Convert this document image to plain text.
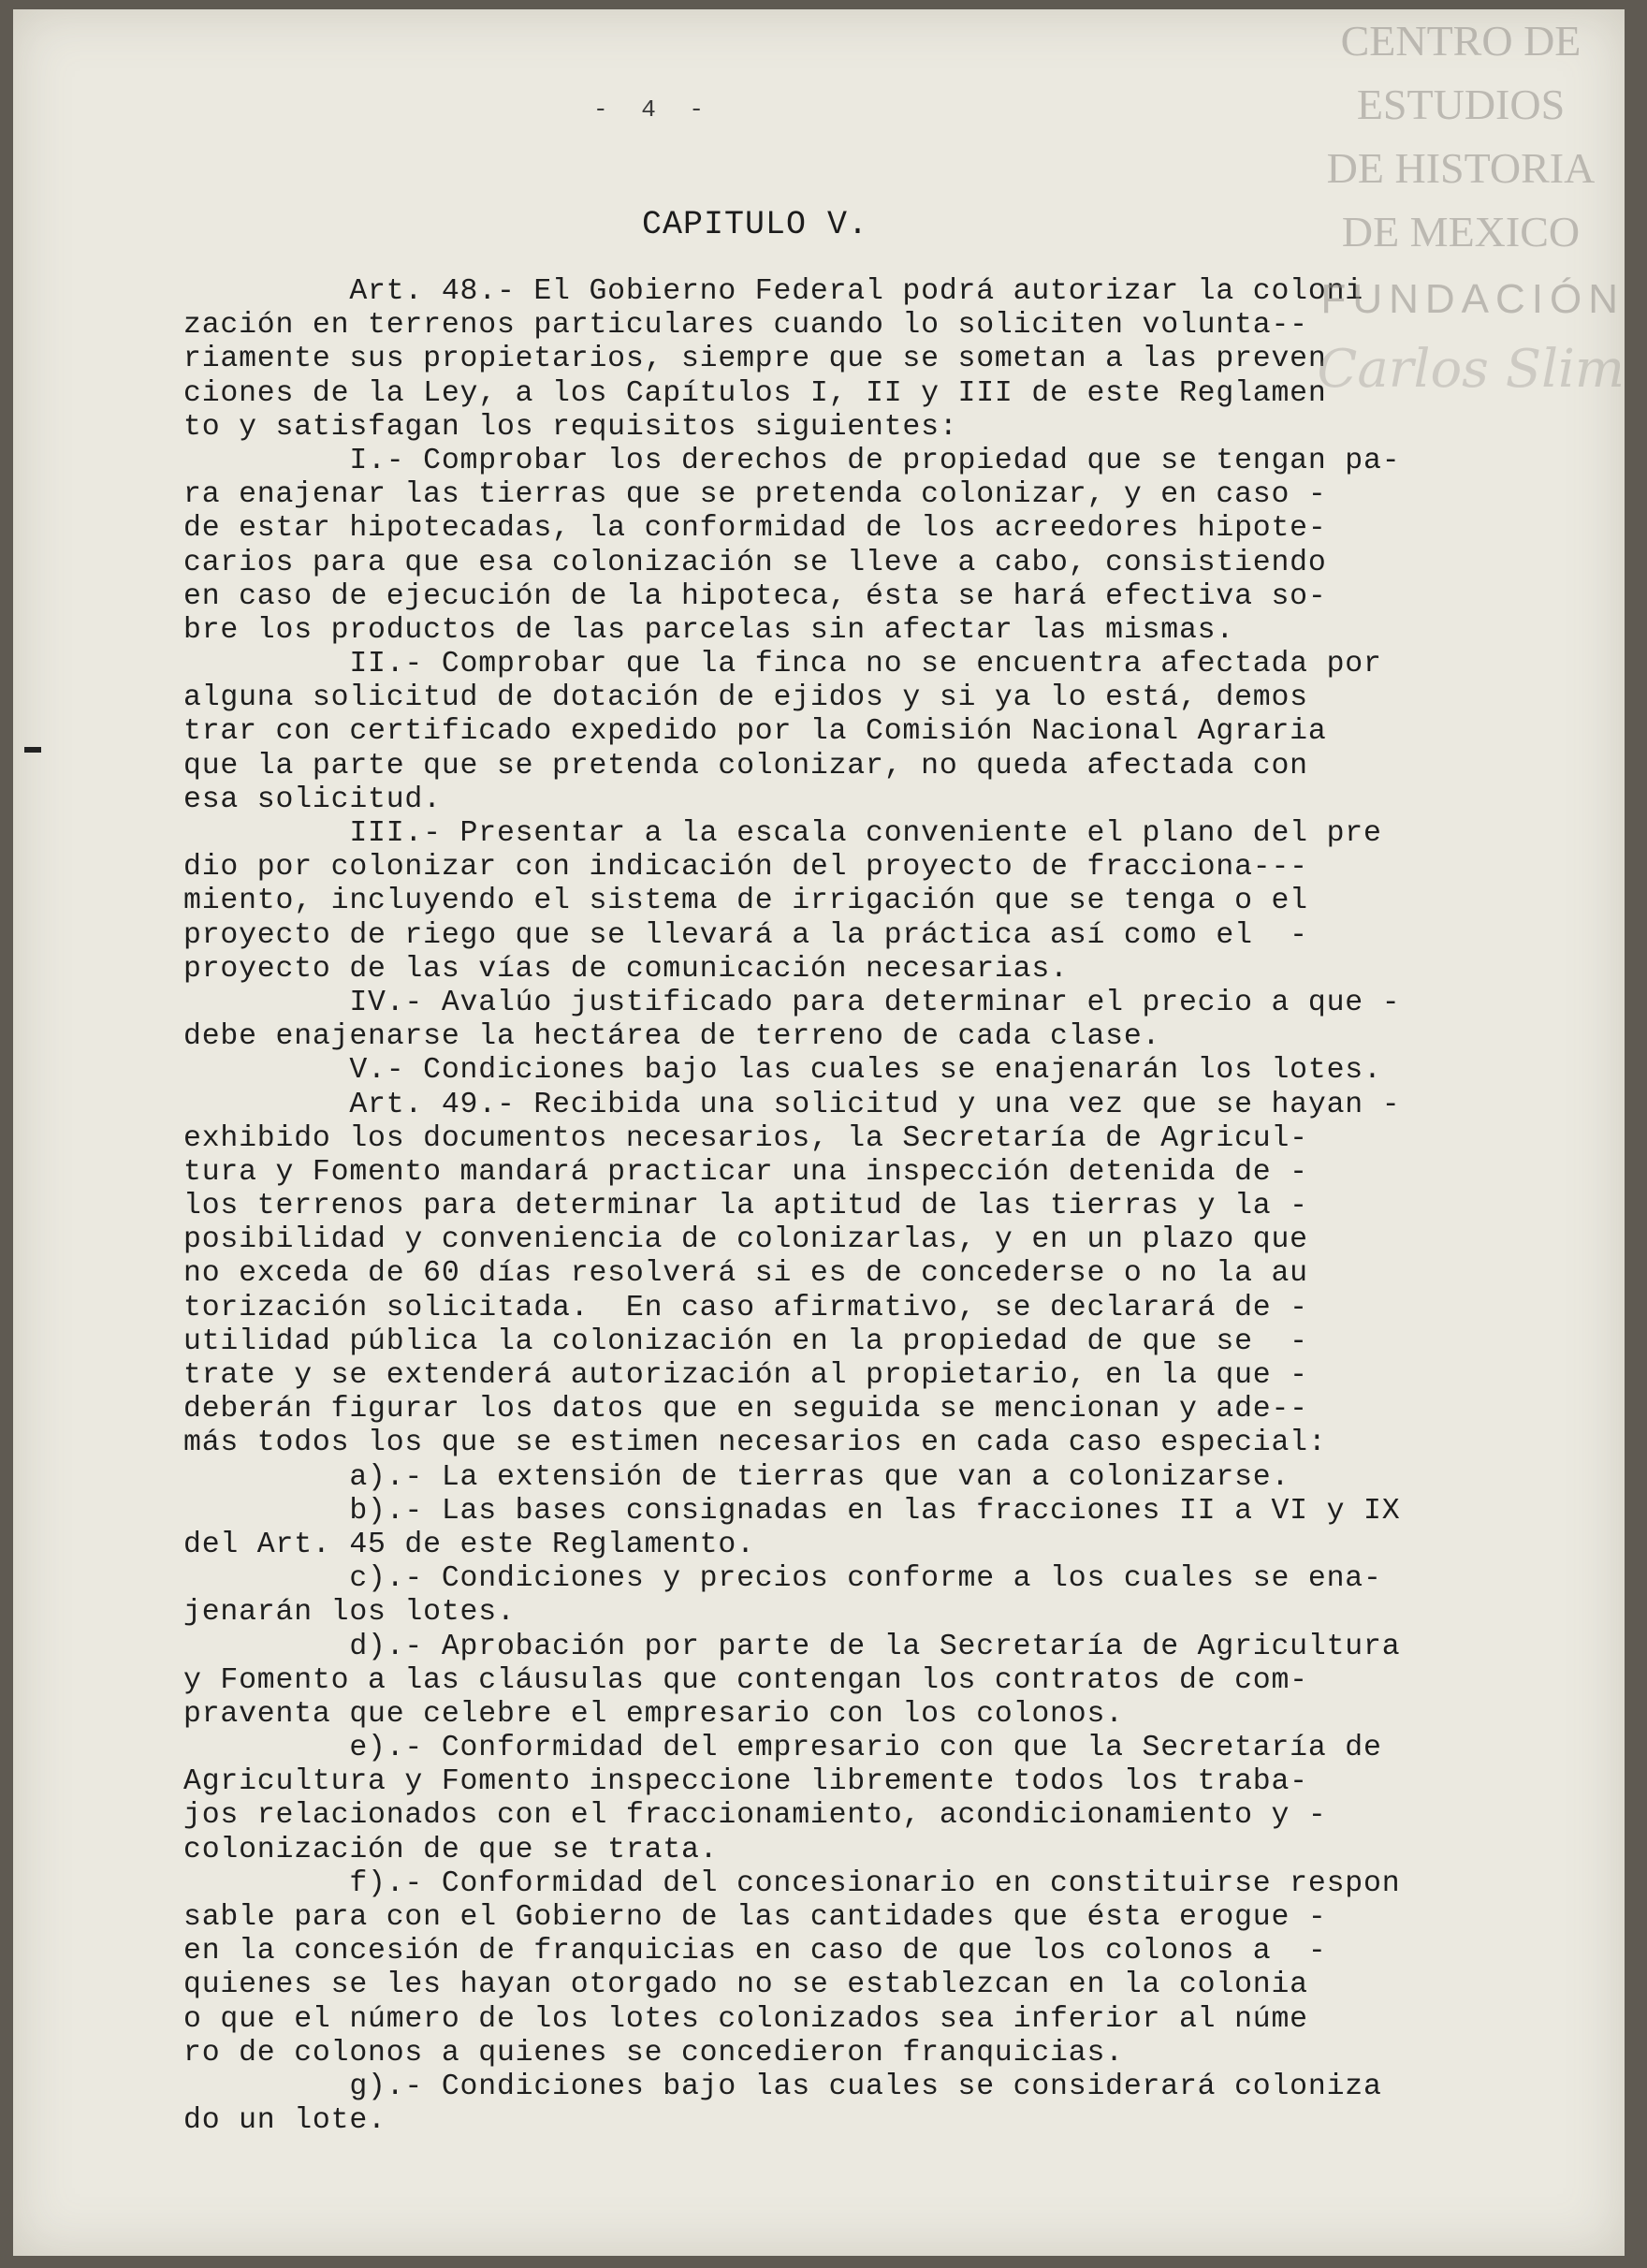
- 4 -
CAPITULO V.
Art. 48.- El Gobierno Federal podrá autorizar la coloni
zación en terrenos particulares cuando lo soliciten volunta--
riamente sus propietarios, siempre que se sometan a las preven
ciones de la Ley, a los Capítulos I, II y III de este Reglamen
to y satisfagan los requisitos siguientes:
I.- Comprobar los derechos de propiedad que se tengan pa-
ra enajenar las tierras que se pretenda colonizar, y en caso -
de estar hipotecadas, la conformidad de los acreedores hipote-
carios para que esa colonización se lleve a cabo, consistiendo
en caso de ejecución de la hipoteca, ésta se hará efectiva so-
bre los productos de las parcelas sin afectar las mismas.
II.- Comprobar que la finca no se encuentra afectada por
alguna solicitud de dotación de ejidos y si ya lo está, demos
trar con certificado expedido por la Comisión Nacional Agraria
que la parte que se pretenda colonizar, no queda afectada con
esa solicitud.
III.- Presentar a la escala conveniente el plano del pre
dio por colonizar con indicación del proyecto de fracciona---
miento, incluyendo el sistema de irrigación que se tenga o el
proyecto de riego que se llevará a la práctica así como el  -
proyecto de las vías de comunicación necesarias.
IV.- Avalúo justificado para determinar el precio a que -
debe enajenarse la hectárea de terreno de cada clase.
V.- Condiciones bajo las cuales se enajenarán los lotes.
Art. 49.- Recibida una solicitud y una vez que se hayan -
exhibido los documentos necesarios, la Secretaría de Agricul-
tura y Fomento mandará practicar una inspección detenida de -
los terrenos para determinar la aptitud de las tierras y la -
posibilidad y conveniencia de colonizarlas, y en un plazo que
no exceda de 60 días resolverá si es de concederse o no la au
torización solicitada.  En caso afirmativo, se declarará de -
utilidad pública la colonización en la propiedad de que se  -
trate y se extenderá autorización al propietario, en la que -
deberán figurar los datos que en seguida se mencionan y ade--
más todos los que se estimen necesarios en cada caso especial:
a).- La extensión de tierras que van a colonizarse.
b).- Las bases consignadas en las fracciones II a VI y IX
del Art. 45 de este Reglamento.
c).- Condiciones y precios conforme a los cuales se ena-
jenarán los lotes.
d).- Aprobación por parte de la Secretaría de Agricultura
y Fomento a las cláusulas que contengan los contratos de com-
praventa que celebre el empresario con los colonos.
e).- Conformidad del empresario con que la Secretaría de
Agricultura y Fomento inspeccione libremente todos los traba-
jos relacionados con el fraccionamiento, acondicionamiento y -
colonización de que se trata.
f).- Conformidad del concesionario en constituirse respon
sable para con el Gobierno de las cantidades que ésta erogue -
en la concesión de franquicias en caso de que los colonos a  -
quienes se les hayan otorgado no se establezcan en la colonia
o que el número de los lotes colonizados sea inferior al núme
ro de colonos a quienes se concedieron franquicias.
g).- Condiciones bajo las cuales se considerará coloniza
do un lote.
CENTRO DE
ESTUDIOS
DE HISTORIA
DE MEXICO
FUNDACIÓN
Carlos Slim
